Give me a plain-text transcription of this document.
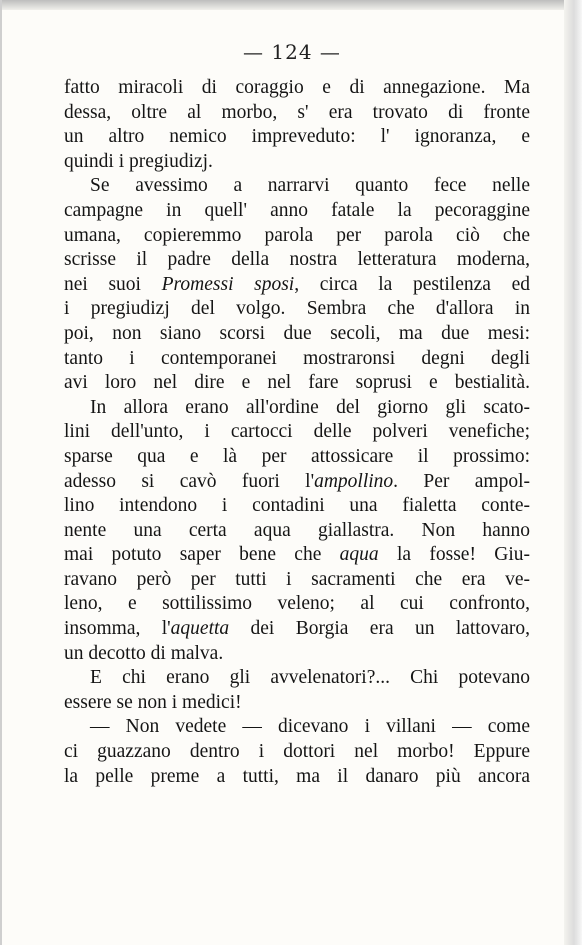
— 124 —
fatto miracoli di coraggio e di annegazione. Ma
dessa, oltre al morbo, s' era trovato di fronte
un altro nemico impreveduto: l' ignoranza, e
quindi i pregiudizj.
Se avessimo a narrarvi quanto fece nelle
campagne in quell' anno fatale la pecoraggine
umana, copieremmo parola per parola ciò che
scrisse il padre della nostra letteratura moderna,
nei suoi Promessi sposi, circa la pestilenza ed
i pregiudizj del volgo. Sembra che d'allora in
poi, non siano scorsi due secoli, ma due mesi:
tanto i contemporanei mostraronsi degni degli
avi loro nel dire e nel fare soprusi e bestialità.
In allora erano all'ordine del giorno gli scato-
lini dell'unto, i cartocci delle polveri venefiche;
sparse qua e là per attossicare il prossimo:
adesso si cavò fuori l'ampollino. Per ampol-
lino intendono i contadini una fialetta conte-
nente una certa aqua giallastra. Non hanno
mai potuto saper bene che aqua la fosse! Giu-
ravano però per tutti i sacramenti che era ve-
leno, e sottilissimo veleno; al cui confronto,
insomma, l'aquetta dei Borgia era un lattovaro,
un decotto di malva.
E chi erano gli avvelenatori?... Chi potevano
essere se non i medici!
— Non vedete — dicevano i villani — come
ci guazzano dentro i dottori nel morbo! Eppure
la pelle preme a tutti, ma il danaro più ancora
